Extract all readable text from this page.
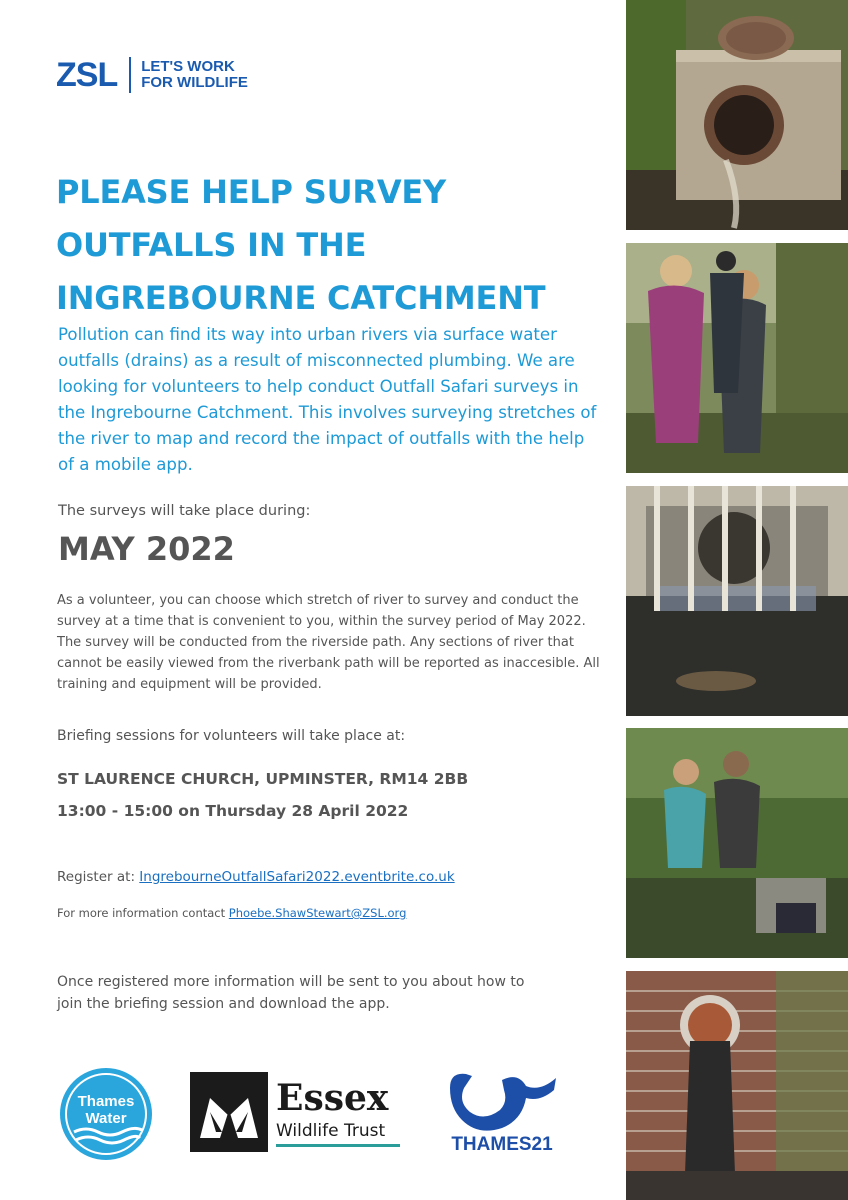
ZSL LET'S WORK
FOR WILDLIFE
PLEASE HELP SURVEY
OUTFALLS IN THE
INGREBOURNE CATCHMENT

Pollution can find its way into urban rivers via surface water outfalls (drains) as a result of misconnected plumbing. We are looking for volunteers to help conduct Outfall Safari surveys in the Ingrebourne Catchment. This involves surveying stretches of the river to map and record the impact of outfalls with the help of a mobile app.

The surveys will take place during:

MAY 2022

As a volunteer, you can choose which stretch of river to survey and conduct the survey at a time that is convenient to you, within the survey period of May 2022. The survey will be conducted from the riverside path. Any sections of river that cannot be easily viewed from the riverbank path will be reported as inaccesible. All training and equipment will be provided.

Briefing sessions for volunteers will take place at:

ST LAURENCE CHURCH, UPMINSTER, RM14 2BB

13:00 - 15:00 on Thursday 28 April 2022

Register at: IngrebourneOutfallSafari2022.eventbrite.co.uk

For more information contact Phoebe.ShawStewart@ZSL.org

Once registered more information will be sent to you about how to join the briefing session and download the app.

Thames
Water	Essex
Wildlife Trust
THAMES21
